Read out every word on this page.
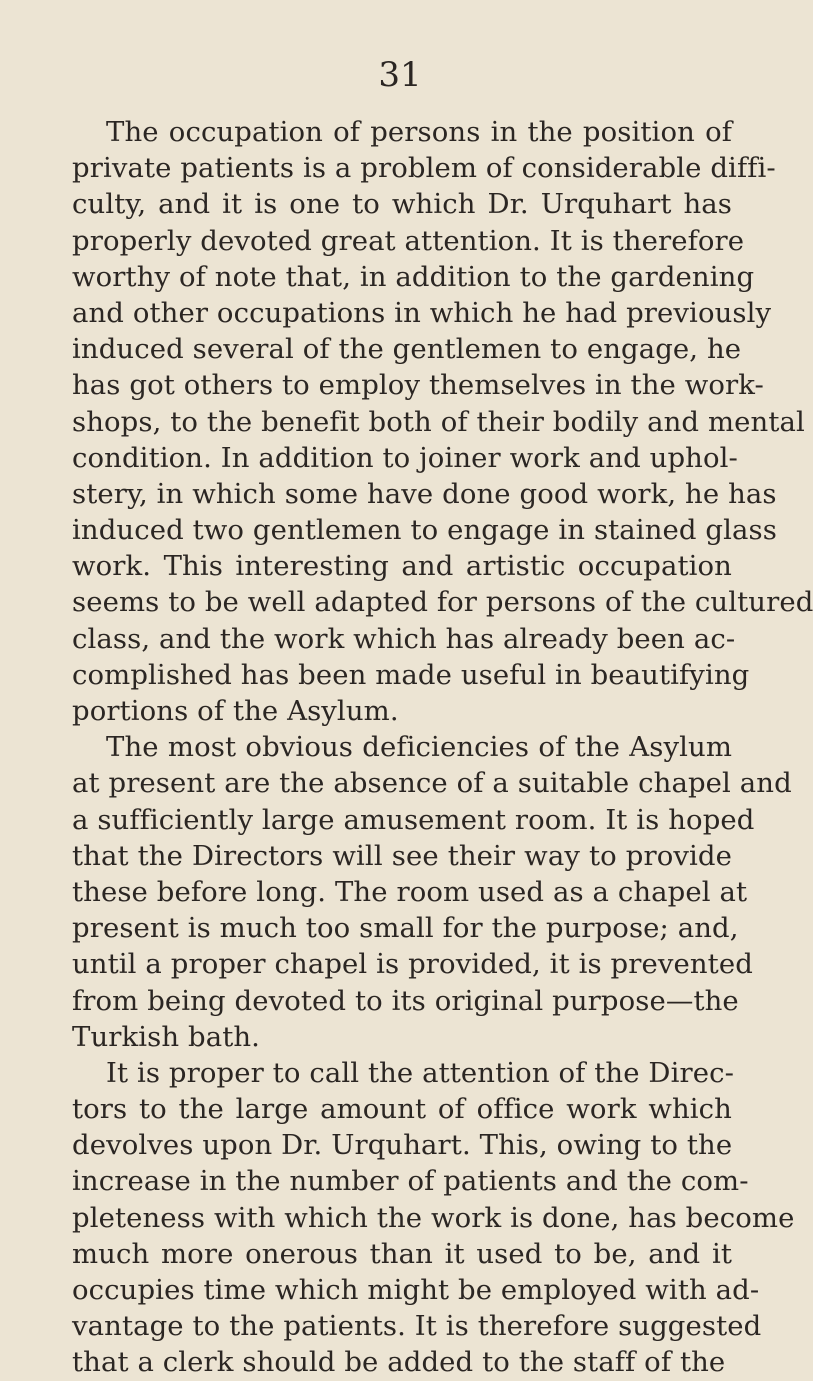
31
The occupation of persons in the position of
private patients is a problem of considerable diffi-
culty, and it is one to which Dr. Urquhart has
properly devoted great attention. It is therefore
worthy of note that, in addition to the gardening
and other occupations in which he had previously
induced several of the gentlemen to engage, he
has got others to employ themselves in the work-
shops, to the benefit both of their bodily and mental
condition. In addition to joiner work and uphol-
stery, in which some have done good work, he has
induced two gentlemen to engage in stained glass
work. This interesting and artistic occupation
seems to be well adapted for persons of the cultured
class, and the work which has already been ac-
complished has been made useful in beautifying
portions of the Asylum.
The most obvious deficiencies of the Asylum
at present are the absence of a suitable chapel and
a sufficiently large amusement room. It is hoped
that the Directors will see their way to provide
these before long. The room used as a chapel at
present is much too small for the purpose; and,
until a proper chapel is provided, it is prevented
from being devoted to its original purpose—the
Turkish bath.
It is proper to call the attention of the Direc-
tors to the large amount of office work which
devolves upon Dr. Urquhart. This, owing to the
increase in the number of patients and the com-
pleteness with which the work is done, has become
much more onerous than it used to be, and it
occupies time which might be employed with ad-
vantage to the patients. It is therefore suggested
that a clerk should be added to the staff of the
